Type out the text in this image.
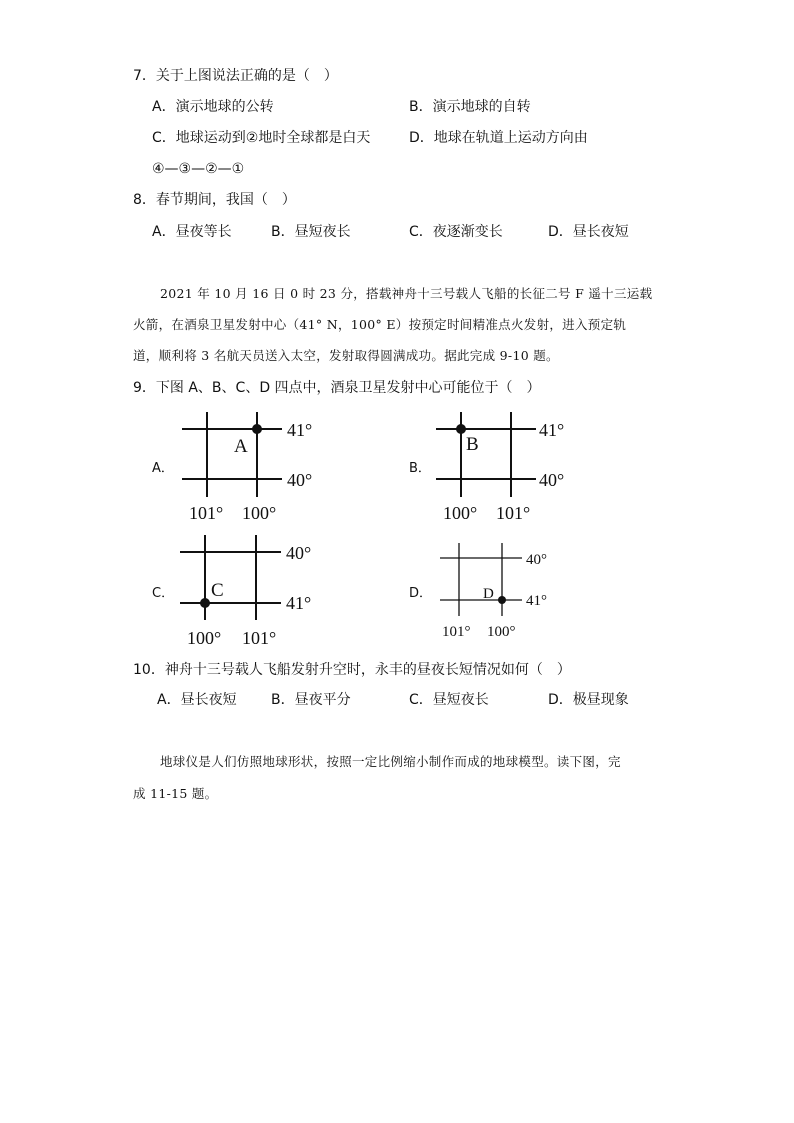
7．关于上图说法正确的是（　）
A．演示地球的公转	B．演示地球的自转
C．地球运动到②地时全球都是白天	D．地球在轨道上运动方向由
④—③—②—①
8．春节期间，我国（　）
A．昼夜等长	B．昼短夜长	C．夜逐渐变长	D．昼长夜短
2021 年 10 月 16 日 0 时 23 分，搭载神舟十三号载人飞船的长征二号 F 遥十三运载
火箭，在酒泉卫星发射中心（41° N，100° E）按预定时间精准点火发射，进入预定轨
道，顺利将 3 名航天员送入太空，发射取得圆满成功。据此完成 9-10 题。
9．下图 A、B、C、D 四点中，酒泉卫星发射中心可能位于（　）
A．	B．
C．	D．
A
41°
40°
101° 100°
B
41°
40°
100° 101°
C
40°
41°
100° 101°
D
40°
41°
101° 100°
10．神舟十三号载人飞船发射升空时，永丰的昼夜长短情况如何（　）
A．昼长夜短 B．昼夜平分	C．昼短夜长	D．极昼现象
地球仪是人们仿照地球形状，按照一定比例缩小制作而成的地球模型。读下图，完
成 11-15 题。
